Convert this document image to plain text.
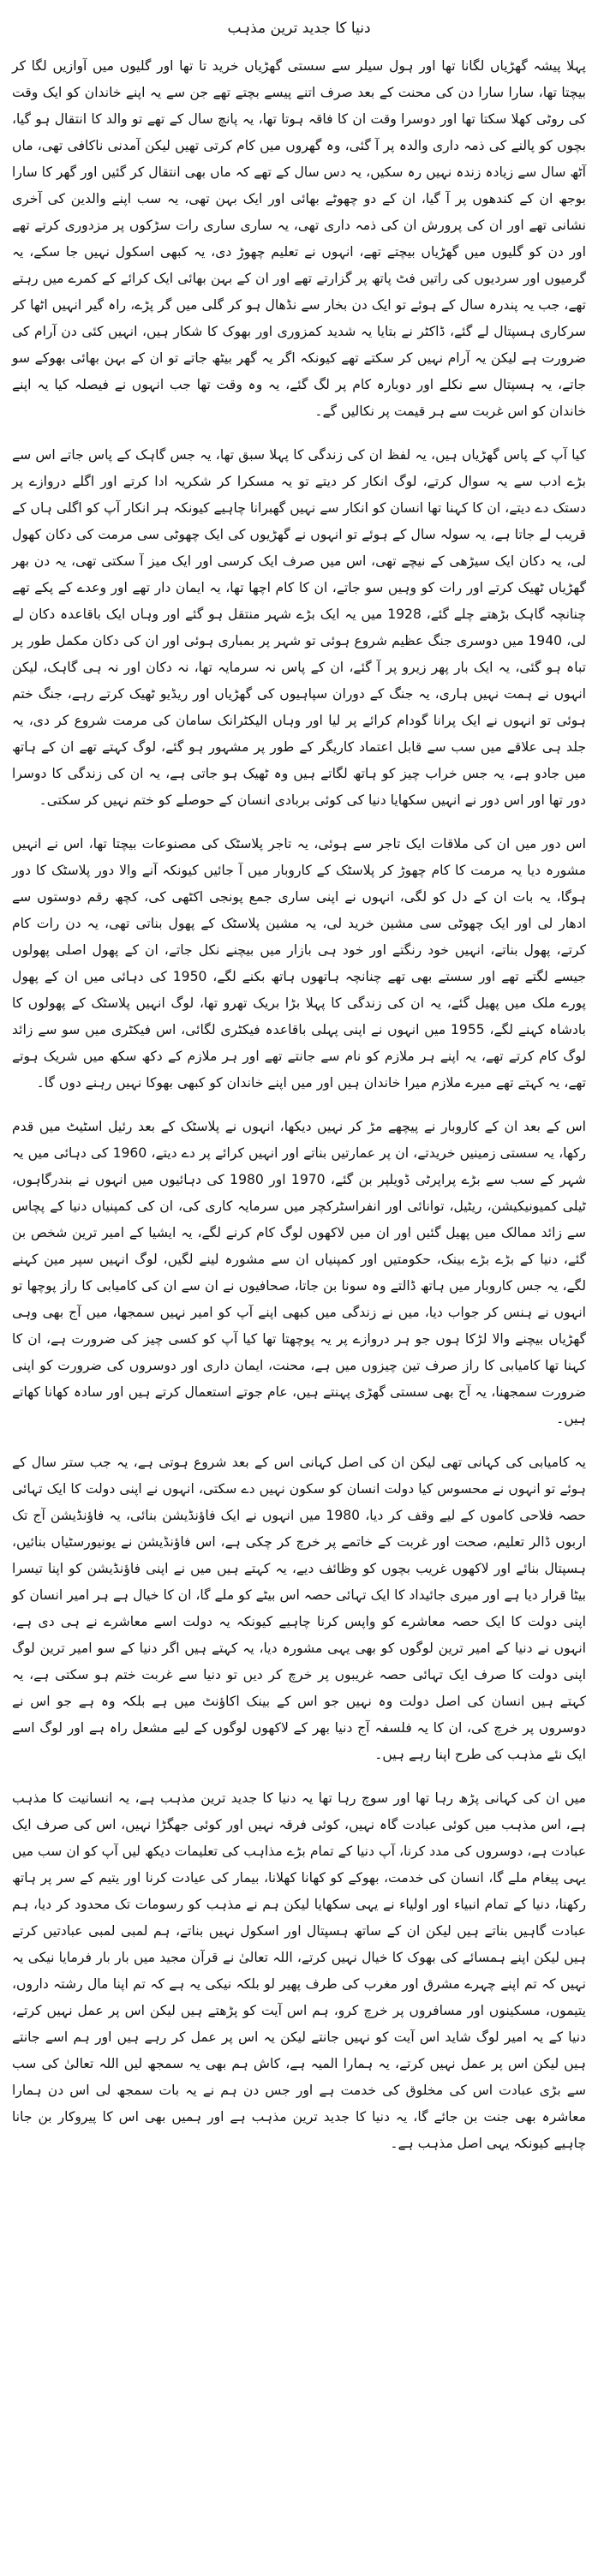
دنیا کا جدید ترین مذہب

پہلا پیشہ گھڑیاں لگانا تھا اور ہول سیلر سے سستی گھڑیاں خرید تا تھا اور گلیوں میں آوازیں لگا کر بیچتا تھا، سارا سارا دن کی محنت کے بعد صرف اتنے پیسے بچتے تھے جن سے یہ اپنے خاندان کو ایک وقت کی روٹی کھلا سکتا تھا اور دوسرا وقت ان کا فاقہ ہوتا تھا، یہ پانچ سال کے تھے تو والد کا انتقال ہو گیا، بچوں کو پالنے کی ذمہ داری والدہ پر آ گئی، وہ گھروں میں کام کرتی تھیں لیکن آمدنی ناکافی تھی، ماں آٹھ سال سے زیادہ زندہ نہیں رہ سکیں، یہ دس سال کے تھے کہ ماں بھی انتقال کر گئیں اور گھر کا سارا بوجھ ان کے کندھوں پر آ گیا، ان کے دو چھوٹے بھائی اور ایک بہن تھی، یہ سب اپنے والدین کی آخری نشانی تھے اور ان کی پرورش ان کی ذمہ داری تھی، یہ ساری ساری رات سڑکوں پر مزدوری کرتے تھے اور دن کو گلیوں میں گھڑیاں بیچتے تھے، انہوں نے تعلیم چھوڑ دی، یہ کبھی اسکول نہیں جا سکے، یہ گرمیوں اور سردیوں کی راتیں فٹ پاتھ پر گزارتے تھے اور ان کے بہن بھائی ایک کرائے کے کمرے میں رہتے تھے، جب یہ پندرہ سال کے ہوئے تو ایک دن بخار سے نڈھال ہو کر گلی میں گر پڑے، راہ گیر انہیں اٹھا کر سرکاری ہسپتال لے گئے، ڈاکٹر نے بتایا یہ شدید کمزوری اور بھوک کا شکار ہیں، انہیں کئی دن آرام کی ضرورت ہے لیکن یہ آرام نہیں کر سکتے تھے کیونکہ اگر یہ گھر بیٹھ جاتے تو ان کے بہن بھائی بھوکے سو جاتے، یہ ہسپتال سے نکلے اور دوبارہ کام پر لگ گئے، یہ وہ وقت تھا جب انہوں نے فیصلہ کیا یہ اپنے خاندان کو اس غربت سے ہر قیمت پر نکالیں گے۔

کیا آپ کے پاس گھڑیاں ہیں، یہ لفظ ان کی زندگی کا پہلا سبق تھا، یہ جس گاہک کے پاس جاتے اس سے بڑے ادب سے یہ سوال کرتے، لوگ انکار کر دیتے تو یہ مسکرا کر شکریہ ادا کرتے اور اگلے دروازے پر دستک دے دیتے، ان کا کہنا تھا انسان کو انکار سے نہیں گھبرانا چاہیے کیونکہ ہر انکار آپ کو اگلی ہاں کے قریب لے جاتا ہے، یہ سولہ سال کے ہوئے تو انہوں نے گھڑیوں کی ایک چھوٹی سی مرمت کی دکان کھول لی، یہ دکان ایک سیڑھی کے نیچے تھی، اس میں صرف ایک کرسی اور ایک میز آ سکتی تھی، یہ دن بھر گھڑیاں ٹھیک کرتے اور رات کو وہیں سو جاتے، ان کا کام اچھا تھا، یہ ایمان دار تھے اور وعدے کے پکے تھے چنانچہ گاہک بڑھتے چلے گئے، 1928 میں یہ ایک بڑے شہر منتقل ہو گئے اور وہاں ایک باقاعدہ دکان لے لی، 1940 میں دوسری جنگ عظیم شروع ہوئی تو شہر پر بمباری ہوئی اور ان کی دکان مکمل طور پر تباہ ہو گئی، یہ ایک بار پھر زیرو پر آ گئے، ان کے پاس نہ سرمایہ تھا، نہ دکان اور نہ ہی گاہک، لیکن انہوں نے ہمت نہیں ہاری، یہ جنگ کے دوران سپاہیوں کی گھڑیاں اور ریڈیو ٹھیک کرتے رہے، جنگ ختم ہوئی تو انہوں نے ایک پرانا گودام کرائے پر لیا اور وہاں الیکٹرانک سامان کی مرمت شروع کر دی، یہ جلد ہی علاقے میں سب سے قابل اعتماد کاریگر کے طور پر مشہور ہو گئے، لوگ کہتے تھے ان کے ہاتھ میں جادو ہے، یہ جس خراب چیز کو ہاتھ لگاتے ہیں وہ ٹھیک ہو جاتی ہے، یہ ان کی زندگی کا دوسرا دور تھا اور اس دور نے انہیں سکھایا دنیا کی کوئی بربادی انسان کے حوصلے کو ختم نہیں کر سکتی۔

اس دور میں ان کی ملاقات ایک تاجر سے ہوئی، یہ تاجر پلاسٹک کی مصنوعات بیچتا تھا، اس نے انہیں مشورہ دیا یہ مرمت کا کام چھوڑ کر پلاسٹک کے کاروبار میں آ جائیں کیونکہ آنے والا دور پلاسٹک کا دور ہوگا، یہ بات ان کے دل کو لگی، انہوں نے اپنی ساری جمع پونجی اکٹھی کی، کچھ رقم دوستوں سے ادھار لی اور ایک چھوٹی سی مشین خرید لی، یہ مشین پلاسٹک کے پھول بناتی تھی، یہ دن رات کام کرتے، پھول بناتے، انہیں خود رنگتے اور خود ہی بازار میں بیچنے نکل جاتے، ان کے پھول اصلی پھولوں جیسے لگتے تھے اور سستے بھی تھے چنانچہ ہاتھوں ہاتھ بکنے لگے، 1950 کی دہائی میں ان کے پھول پورے ملک میں پھیل گئے، یہ ان کی زندگی کا پہلا بڑا بریک تھرو تھا، لوگ انہیں پلاسٹک کے پھولوں کا بادشاہ کہنے لگے، 1955 میں انہوں نے اپنی پہلی باقاعدہ فیکٹری لگائی، اس فیکٹری میں سو سے زائد لوگ کام کرتے تھے، یہ اپنے ہر ملازم کو نام سے جانتے تھے اور ہر ملازم کے دکھ سکھ میں شریک ہوتے تھے، یہ کہتے تھے میرے ملازم میرا خاندان ہیں اور میں اپنے خاندان کو کبھی بھوکا نہیں رہنے دوں گا۔

اس کے بعد ان کے کاروبار نے پیچھے مڑ کر نہیں دیکھا، انہوں نے پلاسٹک کے بعد رئیل اسٹیٹ میں قدم رکھا، یہ سستی زمینیں خریدتے، ان پر عمارتیں بناتے اور انہیں کرائے پر دے دیتے، 1960 کی دہائی میں یہ شہر کے سب سے بڑے پراپرٹی ڈویلپر بن گئے، 1970 اور 1980 کی دہائیوں میں انہوں نے بندرگاہوں، ٹیلی کمیونیکیشن، ریٹیل، توانائی اور انفراسٹرکچر میں سرمایہ کاری کی، ان کی کمپنیاں دنیا کے پچاس سے زائد ممالک میں پھیل گئیں اور ان میں لاکھوں لوگ کام کرنے لگے، یہ ایشیا کے امیر ترین شخص بن گئے، دنیا کے بڑے بڑے بینک، حکومتیں اور کمپنیاں ان سے مشورہ لینے لگیں، لوگ انہیں سپر مین کہنے لگے، یہ جس کاروبار میں ہاتھ ڈالتے وہ سونا بن جاتا، صحافیوں نے ان سے ان کی کامیابی کا راز پوچھا تو انہوں نے ہنس کر جواب دیا، میں نے زندگی میں کبھی اپنے آپ کو امیر نہیں سمجھا، میں آج بھی وہی گھڑیاں بیچنے والا لڑکا ہوں جو ہر دروازے پر یہ پوچھتا تھا کیا آپ کو کسی چیز کی ضرورت ہے، ان کا کہنا تھا کامیابی کا راز صرف تین چیزوں میں ہے، محنت، ایمان داری اور دوسروں کی ضرورت کو اپنی ضرورت سمجھنا، یہ آج بھی سستی گھڑی پہنتے ہیں، عام جوتے استعمال کرتے ہیں اور سادہ کھانا کھاتے ہیں۔

یہ کامیابی کی کہانی تھی لیکن ان کی اصل کہانی اس کے بعد شروع ہوتی ہے، یہ جب ستر سال کے ہوئے تو انہوں نے محسوس کیا دولت انسان کو سکون نہیں دے سکتی، انہوں نے اپنی دولت کا ایک تہائی حصہ فلاحی کاموں کے لیے وقف کر دیا، 1980 میں انہوں نے ایک فاؤنڈیشن بنائی، یہ فاؤنڈیشن آج تک اربوں ڈالر تعلیم، صحت اور غربت کے خاتمے پر خرچ کر چکی ہے، اس فاؤنڈیشن نے یونیورسٹیاں بنائیں، ہسپتال بنائے اور لاکھوں غریب بچوں کو وظائف دیے، یہ کہتے ہیں میں نے اپنی فاؤنڈیشن کو اپنا تیسرا بیٹا قرار دیا ہے اور میری جائیداد کا ایک تہائی حصہ اس بیٹے کو ملے گا، ان کا خیال ہے ہر امیر انسان کو اپنی دولت کا ایک حصہ معاشرے کو واپس کرنا چاہیے کیونکہ یہ دولت اسے معاشرے نے ہی دی ہے، انہوں نے دنیا کے امیر ترین لوگوں کو بھی یہی مشورہ دیا، یہ کہتے ہیں اگر دنیا کے سو امیر ترین لوگ اپنی دولت کا صرف ایک تہائی حصہ غریبوں پر خرچ کر دیں تو دنیا سے غربت ختم ہو سکتی ہے، یہ کہتے ہیں انسان کی اصل دولت وہ نہیں جو اس کے بینک اکاؤنٹ میں ہے بلکہ وہ ہے جو اس نے دوسروں پر خرچ کی، ان کا یہ فلسفہ آج دنیا بھر کے لاکھوں لوگوں کے لیے مشعل راہ ہے اور لوگ اسے ایک نئے مذہب کی طرح اپنا رہے ہیں۔

میں ان کی کہانی پڑھ رہا تھا اور سوچ رہا تھا یہ دنیا کا جدید ترین مذہب ہے، یہ انسانیت کا مذہب ہے، اس مذہب میں کوئی عبادت گاہ نہیں، کوئی فرقہ نہیں اور کوئی جھگڑا نہیں، اس کی صرف ایک عبادت ہے، دوسروں کی مدد کرنا، آپ دنیا کے تمام بڑے مذاہب کی تعلیمات دیکھ لیں آپ کو ان سب میں یہی پیغام ملے گا، انسان کی خدمت، بھوکے کو کھانا کھلانا، بیمار کی عیادت کرنا اور یتیم کے سر پر ہاتھ رکھنا، دنیا کے تمام انبیاء اور اولیاء نے یہی سکھایا لیکن ہم نے مذہب کو رسومات تک محدود کر دیا، ہم عبادت گاہیں بناتے ہیں لیکن ان کے ساتھ ہسپتال اور اسکول نہیں بناتے، ہم لمبی لمبی عبادتیں کرتے ہیں لیکن اپنے ہمسائے کی بھوک کا خیال نہیں کرتے، اللہ تعالیٰ نے قرآن مجید میں بار بار فرمایا نیکی یہ نہیں کہ تم اپنے چہرے مشرق اور مغرب کی طرف پھیر لو بلکہ نیکی یہ ہے کہ تم اپنا مال رشتہ داروں، یتیموں، مسکینوں اور مسافروں پر خرچ کرو، ہم اس آیت کو پڑھتے ہیں لیکن اس پر عمل نہیں کرتے، دنیا کے یہ امیر لوگ شاید اس آیت کو نہیں جانتے لیکن یہ اس پر عمل کر رہے ہیں اور ہم اسے جانتے ہیں لیکن اس پر عمل نہیں کرتے، یہ ہمارا المیہ ہے، کاش ہم بھی یہ سمجھ لیں اللہ تعالیٰ کی سب سے بڑی عبادت اس کی مخلوق کی خدمت ہے اور جس دن ہم نے یہ بات سمجھ لی اس دن ہمارا معاشرہ بھی جنت بن جائے گا، یہ دنیا کا جدید ترین مذہب ہے اور ہمیں بھی اس کا پیروکار بن جانا چاہیے کیونکہ یہی اصل مذہب ہے۔
